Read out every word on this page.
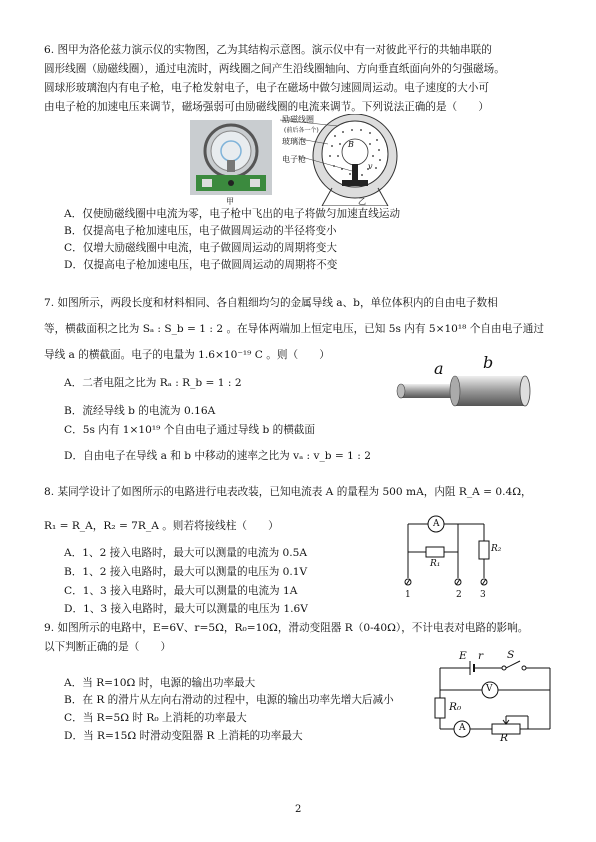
6. 图甲为洛伦兹力演示仪的实物图，乙为其结构示意图。演示仪中有一对彼此平行的共轴串联的
圆形线圈（励磁线圈），通过电流时，两线圈之间产生沿线圈轴向、方向垂直纸面向外的匀强磁场。
圆球形玻璃泡内有电子枪，电子枪发射电子，电子在磁场中做匀速圆周运动。电子速度的大小可
由电子枪的加速电压来调节，磁场强弱可由励磁线圈的电流来调节。下列说法正确的是（　　）
甲
励磁线圈
(前后各一个)
玻璃泡
电子枪
B
v
乙
A．仅使励磁线圈中电流为零，电子枪中飞出的电子将做匀加速直线运动
B．仅提高电子枪加速电压，电子做圆周运动的半径将变小
C．仅增大励磁线圈中电流，电子做圆周运动的周期将变大
D．仅提高电子枪加速电压，电子做圆周运动的周期将不变
7. 如图所示，两段长度和材料相同、各自粗细均匀的金属导线 a、b，单位体积内的自由电子数相
等，横截面积之比为 Sₐ : S_b = 1 : 2 。在导体两端加上恒定电压，已知 5s 内有 5×10¹⁸ 个自由电子通过
导线 a 的横截面。电子的电量为 1.6×10⁻¹⁹ C 。则（　　）
a b
A．二者电阻之比为 Rₐ : R_b = 1 : 2
B．流经导线 b 的电流为 0.16A
C．5s 内有 1×10¹⁹ 个自由电子通过导线 b 的横截面
D．自由电子在导线 a 和 b 中移动的速率之比为 vₐ : v_b = 1 : 2
8. 某同学设计了如图所示的电路进行电表改装，已知电流表 A 的量程为 500 mA，内阻 R_A = 0.4Ω，
R₁ = R_A，R₂ = 7R_A 。则若将接线柱（　　）	A
R₁
R₂
1	2 3
A．1、2 接入电路时，最大可以测量的电流为 0.5A
B．1、2 接入电路时，最大可以测量的电压为 0.1V
C．1、3 接入电路时，最大可以测量的电流为 1A
D．1、3 接入电路时，最大可以测量的电压为 1.6V
9. 如图所示的电路中，E=6V、r=5Ω，R₀=10Ω，滑动变阻器 R（0-40Ω），不计电表对电路的影响。
以下判断正确的是（　　）
E r S
V
R₀
A
R
A．当 R=10Ω 时，电源的输出功率最大
B．在 R 的滑片从左向右滑动的过程中，电源的输出功率先增大后减小
C．当 R=5Ω 时 R₀ 上消耗的功率最大
D．当 R=15Ω 时滑动变阻器 R 上消耗的功率最大
2
